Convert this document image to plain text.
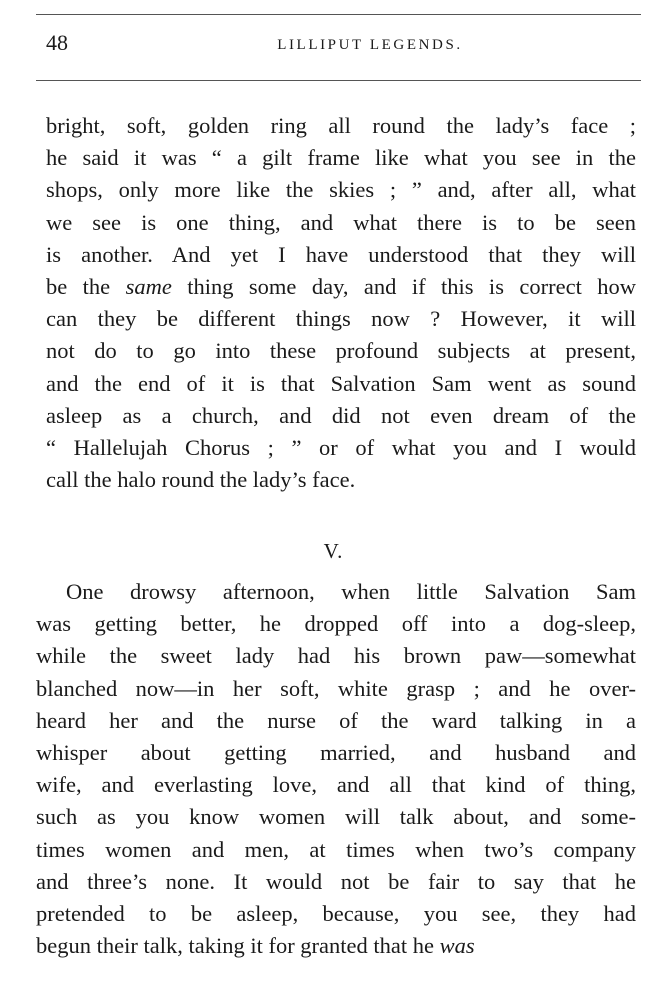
48	LILLIPUT LEGENDS.
bright, soft, golden ring all round the lady’s face ;
he said it was “ a gilt frame like what you see in the
shops, only more like the skies ; ” and, after all, what
we see is one thing, and what there is to be seen
is another. And yet I have understood that they will
be the same thing some day, and if this is correct how
can they be different things now ? However, it will
not do to go into these profound subjects at present,
and the end of it is that Salvation Sam went as sound
asleep as a church, and did not even dream of the
“ Hallelujah Chorus ; ” or of what you and I would
call the halo round the lady’s face.
V.
One drowsy afternoon, when little Salvation Sam
was getting better, he dropped off into a dog-sleep,
while the sweet lady had his brown paw—somewhat
blanched now—in her soft, white grasp ; and he over-
heard her and the nurse of the ward talking in a
whisper about getting married, and husband and
wife, and everlasting love, and all that kind of thing,
such as you know women will talk about, and some-
times women and men, at times when two’s company
and three’s none. It would not be fair to say that he
pretended to be asleep, because, you see, they had
begun their talk, taking it for granted that he was
